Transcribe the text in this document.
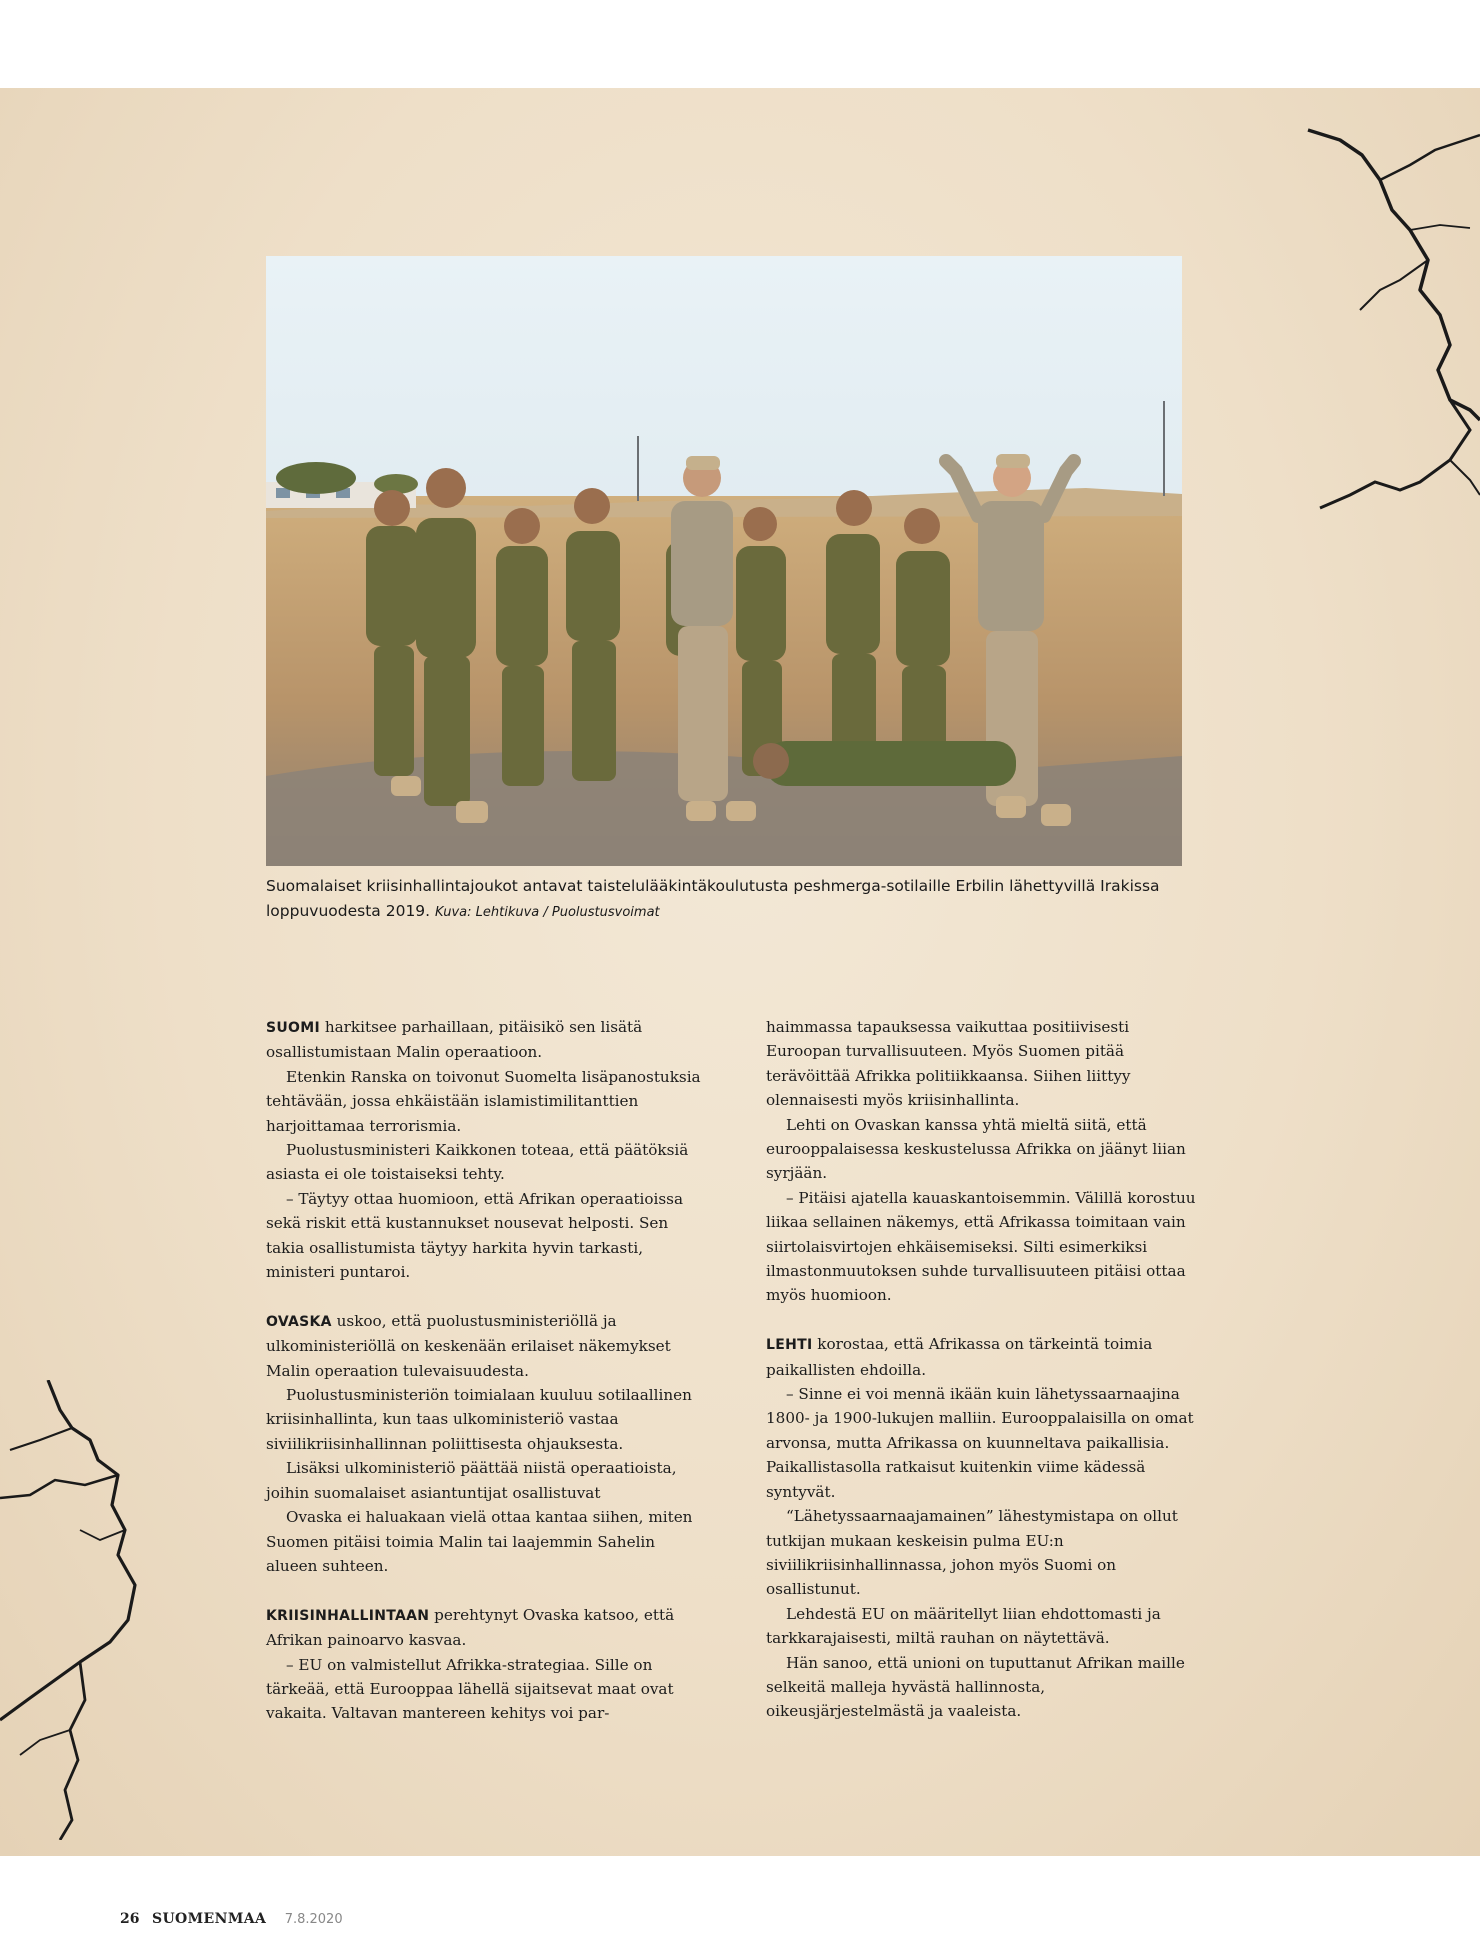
Suomalaiset kriisinhallintajoukot antavat taistelulääkintäkoulutusta peshmerga-sotilaille Erbilin lähettyvillä Irakissa loppuvuodesta 2019. Kuva: Lehtikuva / Puolustusvoimat

SUOMI harkitsee parhaillaan, pitäisikö sen lisätä osallistumistaan Malin operaatioon.

Etenkin Ranska on toivonut Suomelta lisäpanostuksia tehtävään, jossa ehkäistään islamistimilitanttien harjoittamaa terrorismia.

Puolustusministeri Kaikkonen toteaa, että päätöksiä asiasta ei ole toistaiseksi tehty.

– Täytyy ottaa huomioon, että Afrikan operaatioissa sekä riskit että kustannukset nousevat helposti. Sen takia osallistumista täytyy harkita hyvin tarkasti, ministeri puntaroi.

OVASKA uskoo, että puolustusministeriöllä ja ulkoministeriöllä on keskenään erilaiset näkemykset Malin operaation tulevaisuudesta.

Puolustusministeriön toimialaan kuuluu sotilaallinen kriisinhallinta, kun taas ulkoministeriö vastaa siviilikriisinhallinnan poliittisesta ohjauksesta.

Lisäksi ulkoministeriö päättää niistä operaatioista, joihin suomalaiset asiantuntijat osallistuvat

Ovaska ei haluakaan vielä ottaa kantaa siihen, miten Suomen pitäisi toimia Malin tai laajemmin Sahelin alueen suhteen.

KRIISINHALLINTAAN perehtynyt Ovaska katsoo, että Afrikan painoarvo kasvaa.

– EU on valmistellut Afrikka-strategiaa. Sille on tärkeää, että Eurooppaa lähellä sijaitsevat maat ovat vakaita. Valtavan mantereen kehitys voi par-

haimmassa tapauksessa vaikuttaa positiivisesti Euroopan turvallisuuteen. Myös Suomen pitää terävöittää Afrikka politiikkaansa. Siihen liittyy olennaisesti myös kriisinhallinta.

Lehti on Ovaskan kanssa yhtä mieltä siitä, että eurooppalaisessa keskustelussa Afrikka on jäänyt liian syrjään.

– Pitäisi ajatella kauaskantoisemmin. Välillä korostuu liikaa sellainen näkemys, että Afrikassa toimitaan vain siirtolaisvirtojen ehkäisemiseksi. Silti esimerkiksi ilmastonmuutoksen suhde turvallisuuteen pitäisi ottaa myös huomioon.

LEHTI korostaa, että Afrikassa on tärkeintä toimia paikallisten ehdoilla.

– Sinne ei voi mennä ikään kuin lähetyssaarnaajina 1800- ja 1900-lukujen malliin. Eurooppalaisilla on omat arvonsa, mutta Afrikassa on kuunneltava paikallisia. Paikallistasolla ratkaisut kuitenkin viime kädessä syntyvät.

“Lähetyssaarnaajamainen” lähestymistapa on ollut tutkijan mukaan keskeisin pulma EU:n siviilikriisinhallinnassa, johon myös Suomi on osallistunut.

Lehdestä EU on määritellyt liian ehdottomasti ja tarkkarajaisesti, miltä rauhan on näytettävä.

Hän sanoo, että unioni on tuputtanut Afrikan maille selkeitä malleja hyvästä hallinnosta, oikeusjärjestelmästä ja vaaleista.

26 SUOMENMAA 7.8.2020
